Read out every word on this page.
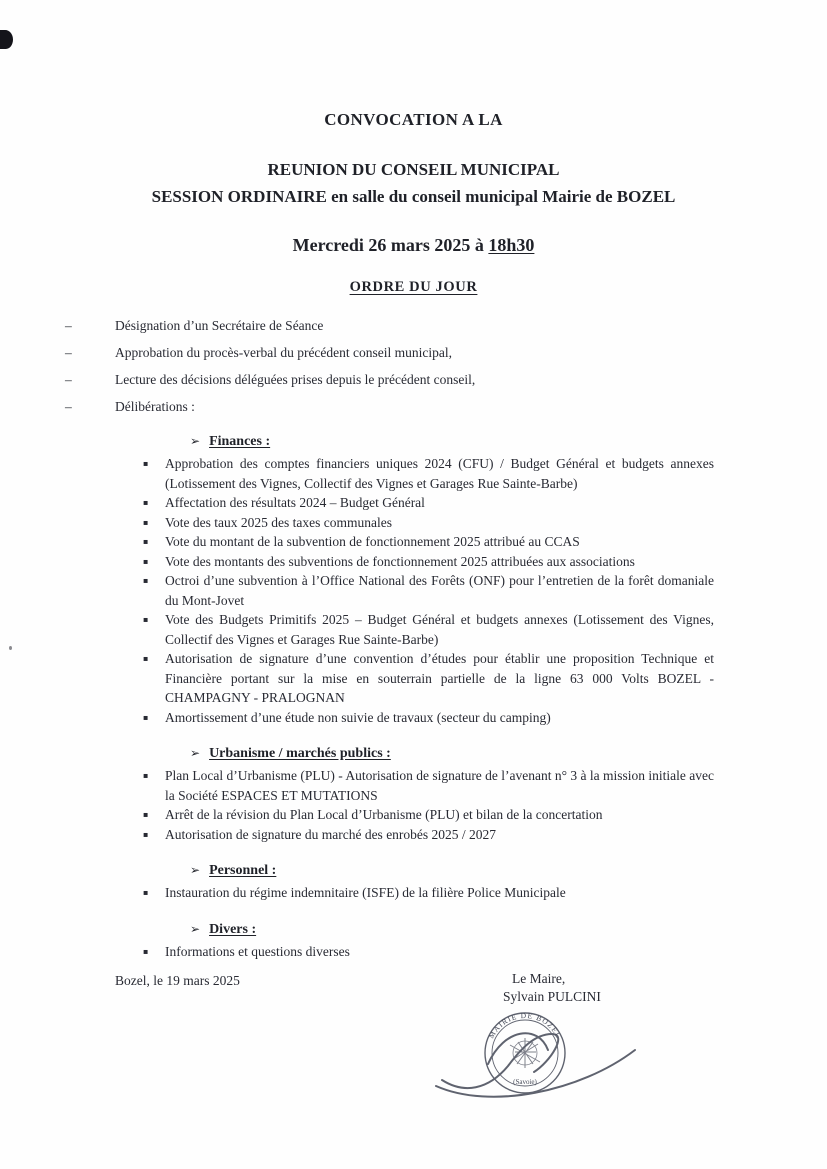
CONVOCATION A LA
REUNION DU CONSEIL MUNICIPAL
SESSION ORDINAIRE en salle du conseil municipal Mairie de BOZEL
Mercredi 26 mars 2025 à 18h30
ORDRE DU JOUR
–	Désignation d’un Secrétaire de Séance
–	Approbation du procès-verbal du précédent conseil municipal,
–	Lecture des décisions déléguées prises depuis le précédent conseil,
–	Délibérations :
➢ Finances :
▪	Approbation des comptes financiers uniques 2024 (CFU) / Budget Général et budgets annexes (Lotissement des Vignes, Collectif des Vignes et Garages Rue Sainte-Barbe)
▪	Affectation des résultats 2024 – Budget Général
▪	Vote des taux 2025 des taxes communales
▪	Vote du montant de la subvention de fonctionnement 2025 attribué au CCAS
▪	Vote des montants des subventions de fonctionnement 2025 attribuées aux associations
▪	Octroi d’une subvention à l’Office National des Forêts (ONF) pour l’entretien de la forêt domaniale du Mont-Jovet
▪	Vote des Budgets Primitifs 2025 – Budget Général et budgets annexes (Lotissement des Vignes, Collectif des Vignes et Garages Rue Sainte-Barbe)
▪	Autorisation de signature d’une convention d’études pour établir une proposition Technique et Financière portant sur la mise en souterrain partielle de la ligne 63 000 Volts BOZEL - CHAMPAGNY - PRALOGNAN
▪	Amortissement d’une étude non suivie de travaux (secteur du camping)
➢ Urbanisme / marchés publics :
▪	Plan Local d’Urbanisme (PLU) - Autorisation de signature de l’avenant n° 3 à la mission initiale avec la Société ESPACES ET MUTATIONS
▪	Arrêt de la révision du Plan Local d’Urbanisme (PLU) et bilan de la concertation
▪	Autorisation de signature du marché des enrobés 2025 / 2027
➢ Personnel :
▪	Instauration du régime indemnitaire (ISFE) de la filière Police Municipale
➢ Divers :
▪	Informations et questions diverses
Bozel, le 19 mars 2025	Le Maire,
Sylvain PULCINI
MAIRIE DE BOZEL
(Savoie)
